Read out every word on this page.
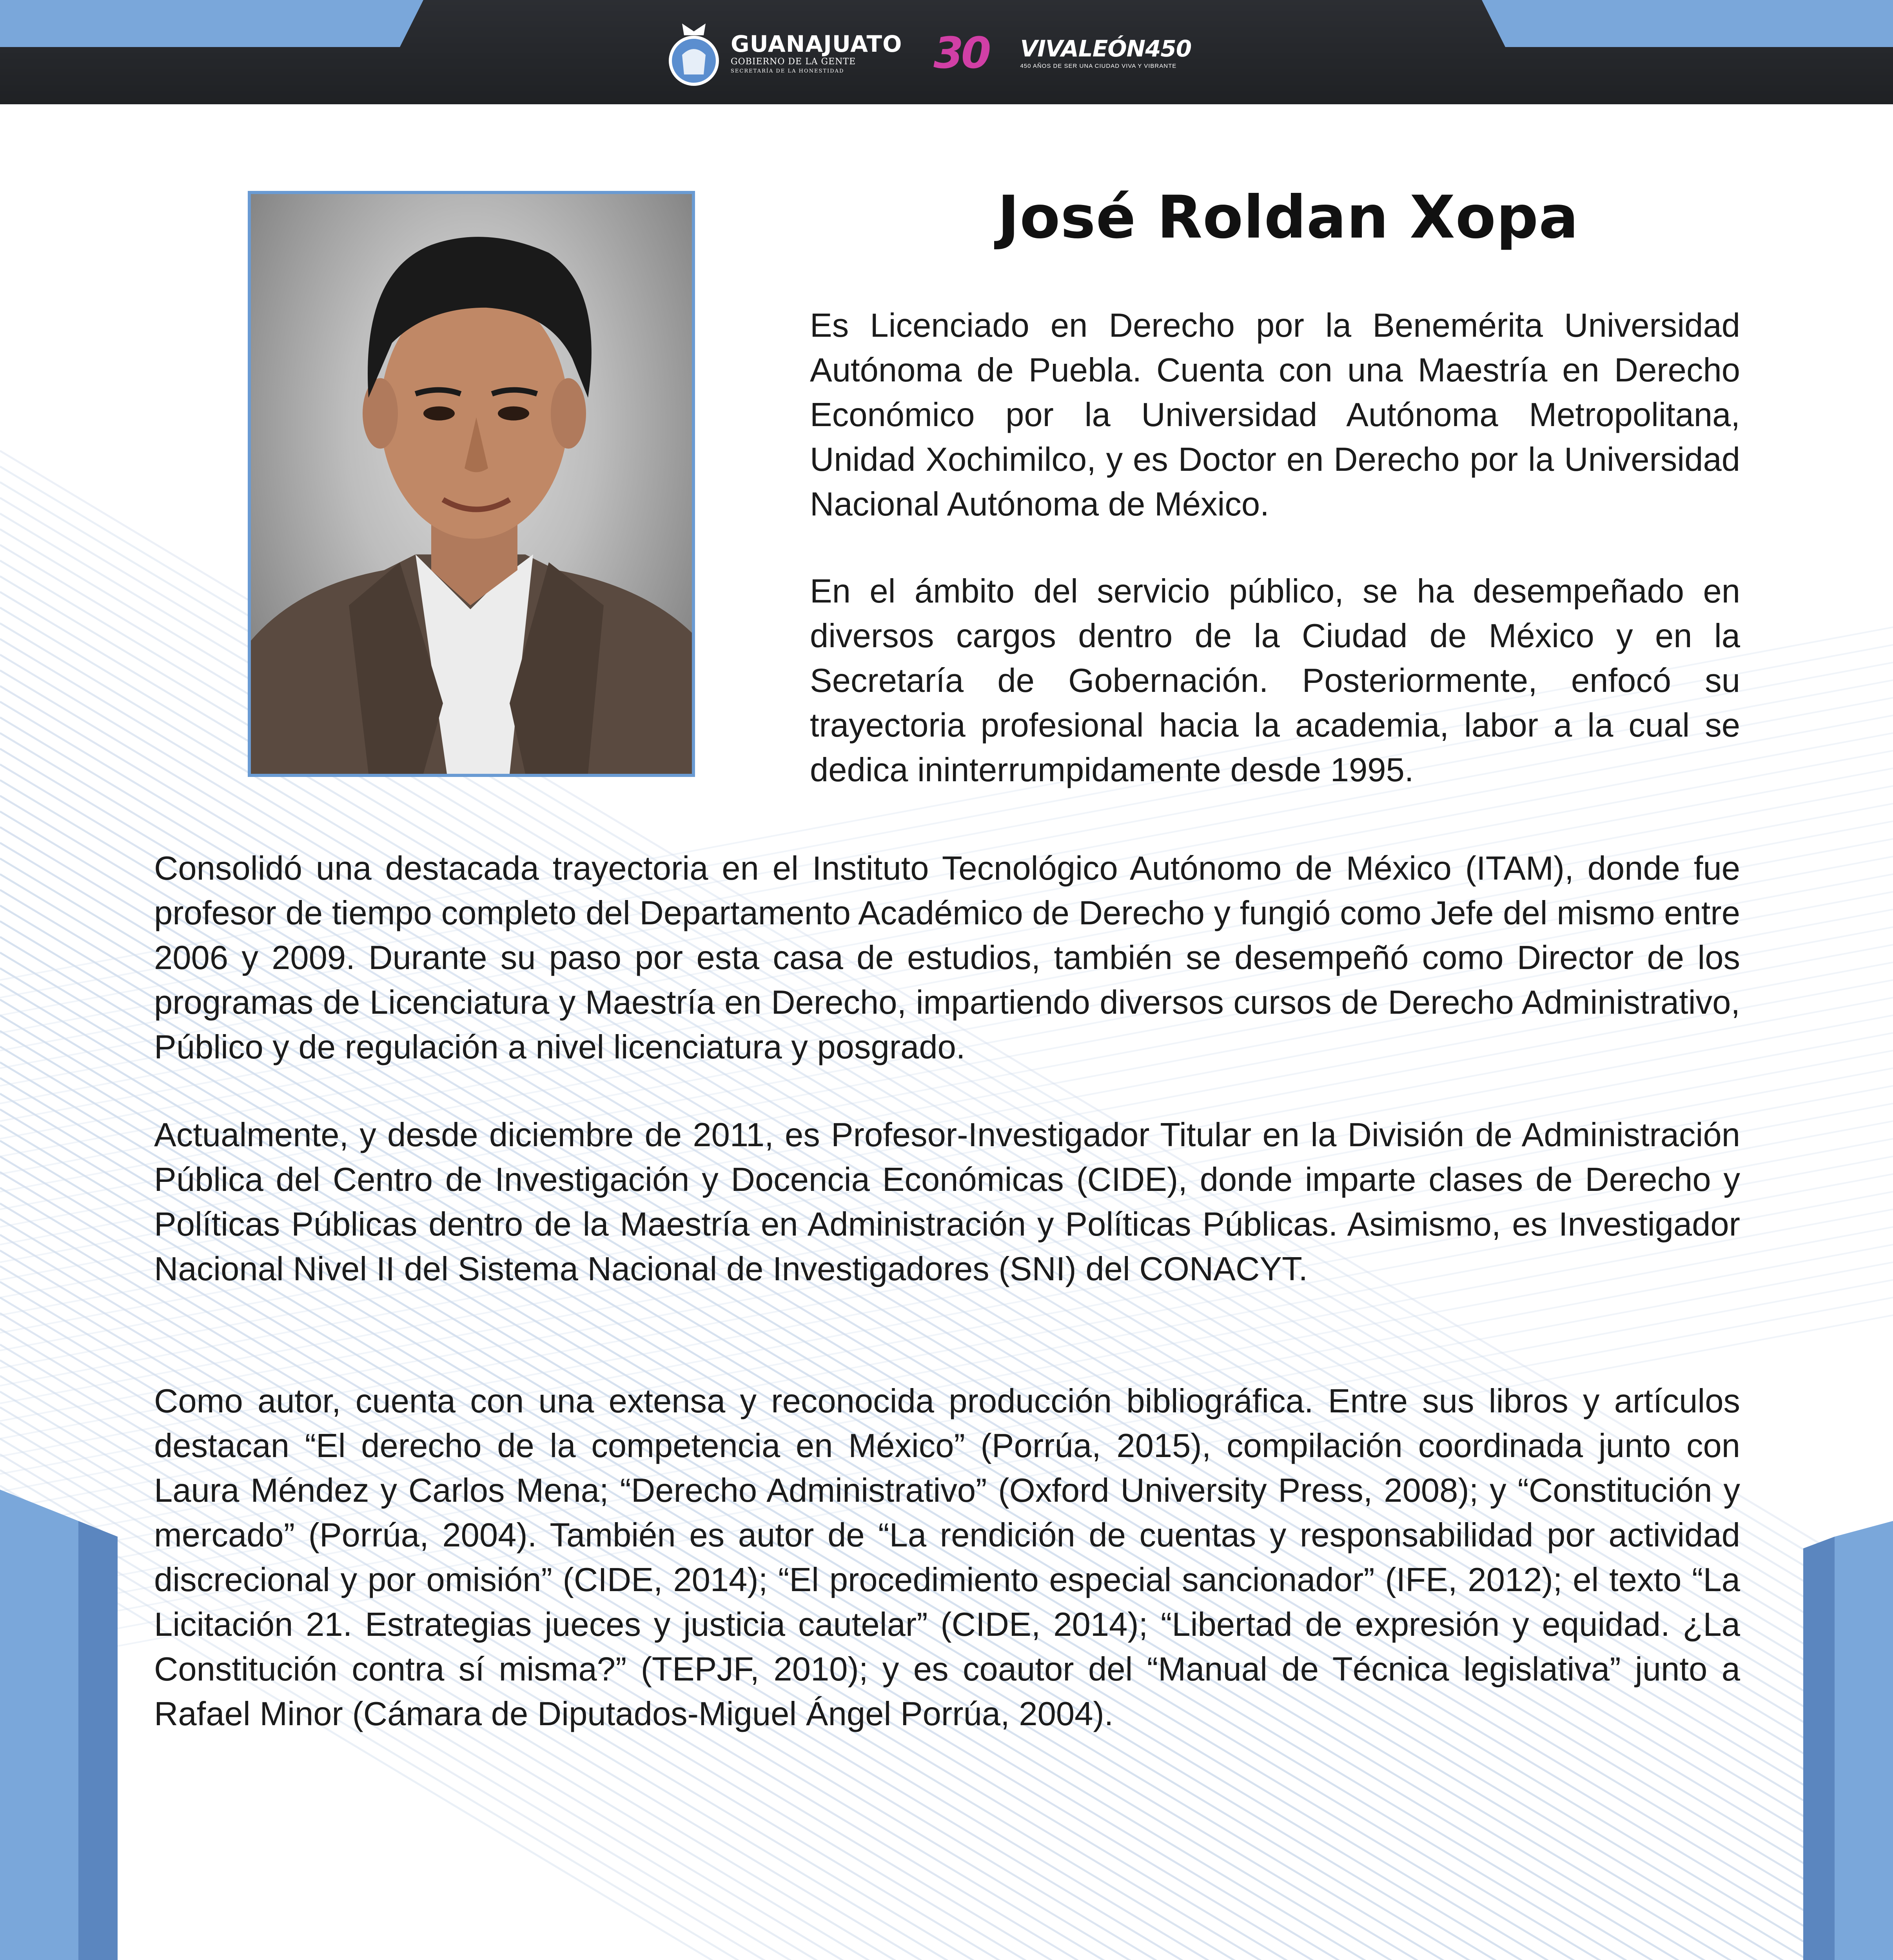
GUANAJUATO
GOBIERNO DE LA GENTE
SECRETARÍA DE LA HONESTIDAD	30 VIVALEÓN450
450 AÑOS DE SER UNA CIUDAD VIVA Y VIBRANTE
José Roldan Xopa

Es Licenciado en Derecho por la Benemérita Universidad Autónoma de Puebla. Cuenta con una Maestría en Derecho Económico por la Universidad Autónoma Metropolitana, Unidad Xochimilco, y es Doctor en Derecho por la Universidad Nacional Autónoma de México.

En el ámbito del servicio público, se ha desempeñado en diversos cargos dentro de la Ciudad de México y en la Secretaría de Gobernación. Posteriormente, enfocó su trayectoria profesional hacia la academia, labor a la cual se dedica ininterrumpidamente desde 1995.

Consolidó una destacada trayectoria en el Instituto Tecnológico Autónomo de México (ITAM), donde fue profesor de tiempo completo del Departamento Académico de Derecho y fungió como Jefe del mismo entre 2006 y 2009. Durante su paso por esta casa de estudios, también se desempeñó como Director de los programas de Licenciatura y Maestría en Derecho, impartiendo diversos cursos de Derecho Administrativo, Público y de regulación a nivel licenciatura y posgrado.

Actualmente, y desde diciembre de 2011, es Profesor-Investigador Titular en la División de Administración Pública del Centro de Investigación y Docencia Económicas (CIDE), donde imparte clases de Derecho y Políticas Públicas dentro de la Maestría en Administración y Políticas Públicas. Asimismo, es Investigador Nacional Nivel II del Sistema Nacional de Investigadores (SNI) del CONACYT.

Como autor, cuenta con una extensa y reconocida producción bibliográfica. Entre sus libros y artículos destacan “El derecho de la competencia en México” (Porrúa, 2015), compilación coordinada junto con Laura Méndez y Carlos Mena; “Derecho Administrativo” (Oxford University Press, 2008); y “Constitución y mercado” (Porrúa, 2004). También es autor de “La rendición de cuentas y responsabilidad por actividad discrecional y por omisión” (CIDE, 2014); “El procedimiento especial sancionador” (IFE, 2012); el texto “La Licitación 21. Estrategias jueces y justicia cautelar” (CIDE, 2014); “Libertad de expresión y equidad. ¿La Constitución contra sí misma?” (TEPJF, 2010); y es coautor del “Manual de Técnica legislativa” junto a Rafael Minor (Cámara de Diputados-Miguel Ángel Porrúa, 2004).
